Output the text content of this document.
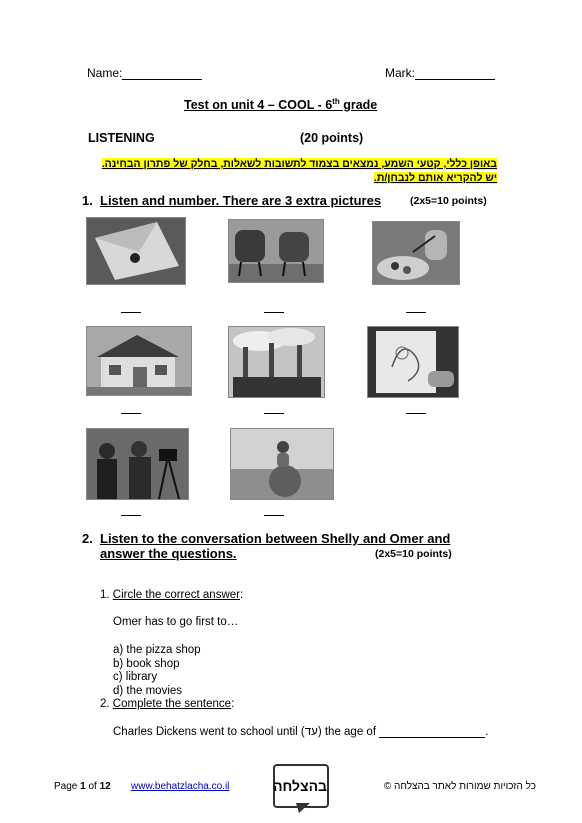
Name:	Mark:
Test on unit 4 – COOL - 6th grade
LISTENING	(20 points)
באופן כללי, קטעי השמע, נמצאים בצמוד לתשובות לשאלות, בחלק של פתרון הבחינה.
יש להקריא אותם לנבחן/ת.
1. Listen and number. There are 3 extra pictures	(2x5=10 points)
2. Listen to the conversation between Shelly and Omer and
answer the questions.	(2x5=10 points)
1. Circle the correct answer:
Omer has to go first to…
a) the pizza shop
b) book shop
c) library
d) the movies
2. Complete the sentence:
Charles Dickens went to school until (עד) the age of	.
Page 1 of 12 www.behatzlacha.co.il	בהצלחה	כל הזכויות שמורות לאתר בהצלחה ©
